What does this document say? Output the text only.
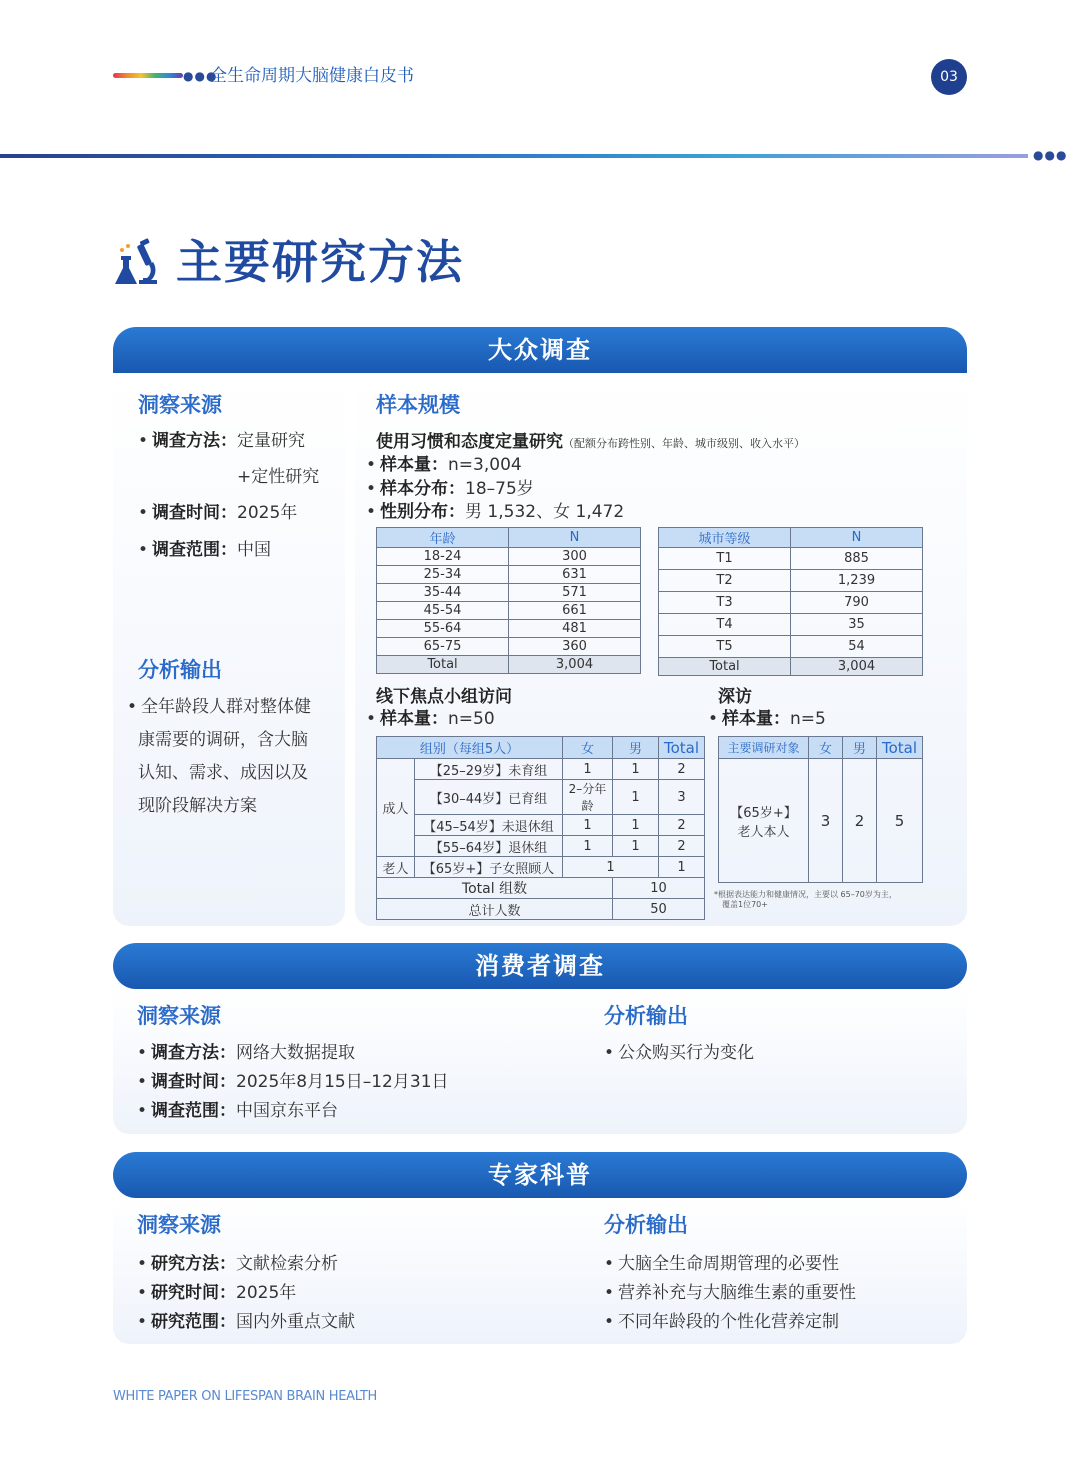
●●●
全生命周期大脑健康白皮书	03
●●●
主要研究方法
大众调查
洞察来源
• 调查方法：定量研究
+定性研究
• 调查时间：2025年
• 调查范围：中国
分析输出
• 全年龄段人群对整体健
康需要的调研，含大脑
认知、需求、成因以及
现阶段解决方案
样本规模
使用习惯和态度定量研究（配额分布跨性别、年龄、城市级别、收入水平）
• 样本量：n=3,004
• 样本分布：18–75岁
• 性别分布：男 1,532、女 1,472
年龄	N
18-24	300
25-34	631
35-44	571
45-54	661
55-64	481
65-75	360
Total	3,004
城市等级	N
T1	885
T2	1,239
T3	790
T4	35
T5	54
Total	3,004
线下焦点小组访问
• 样本量：n=50
组别（每组5人）		女	男	Total
成人	【25–29岁】未育组	1	1	2
	【30–44岁】已育组	2–分年龄	1	3
	【45–54岁】未退休组	1	1	2
	【55–64岁】退休组	1	1	2
老人	【65岁+】子女照顾人	1		1
Total 组数			10	
总计人数			50	
深访
• 样本量：n=5
主要调研对象	女	男	Total

【65岁+】
老人本人	3	2	5
*根据表达能力和健康情况，主要以 65–70岁为主，
覆盖1位70+
消费者调查
洞察来源
• 调查方法：网络大数据提取
• 调查时间：2025年8月15日–12月31日
• 调查范围：中国京东平台
分析输出
• 公众购买行为变化
专家科普
洞察来源
• 研究方法：文献检索分析
• 研究时间：2025年
• 研究范围：国内外重点文献
分析输出
• 大脑全生命周期管理的必要性
• 营养补充与大脑维生素的重要性
• 不同年龄段的个性化营养定制
WHITE PAPER ON LIFESPAN BRAIN HEALTH
